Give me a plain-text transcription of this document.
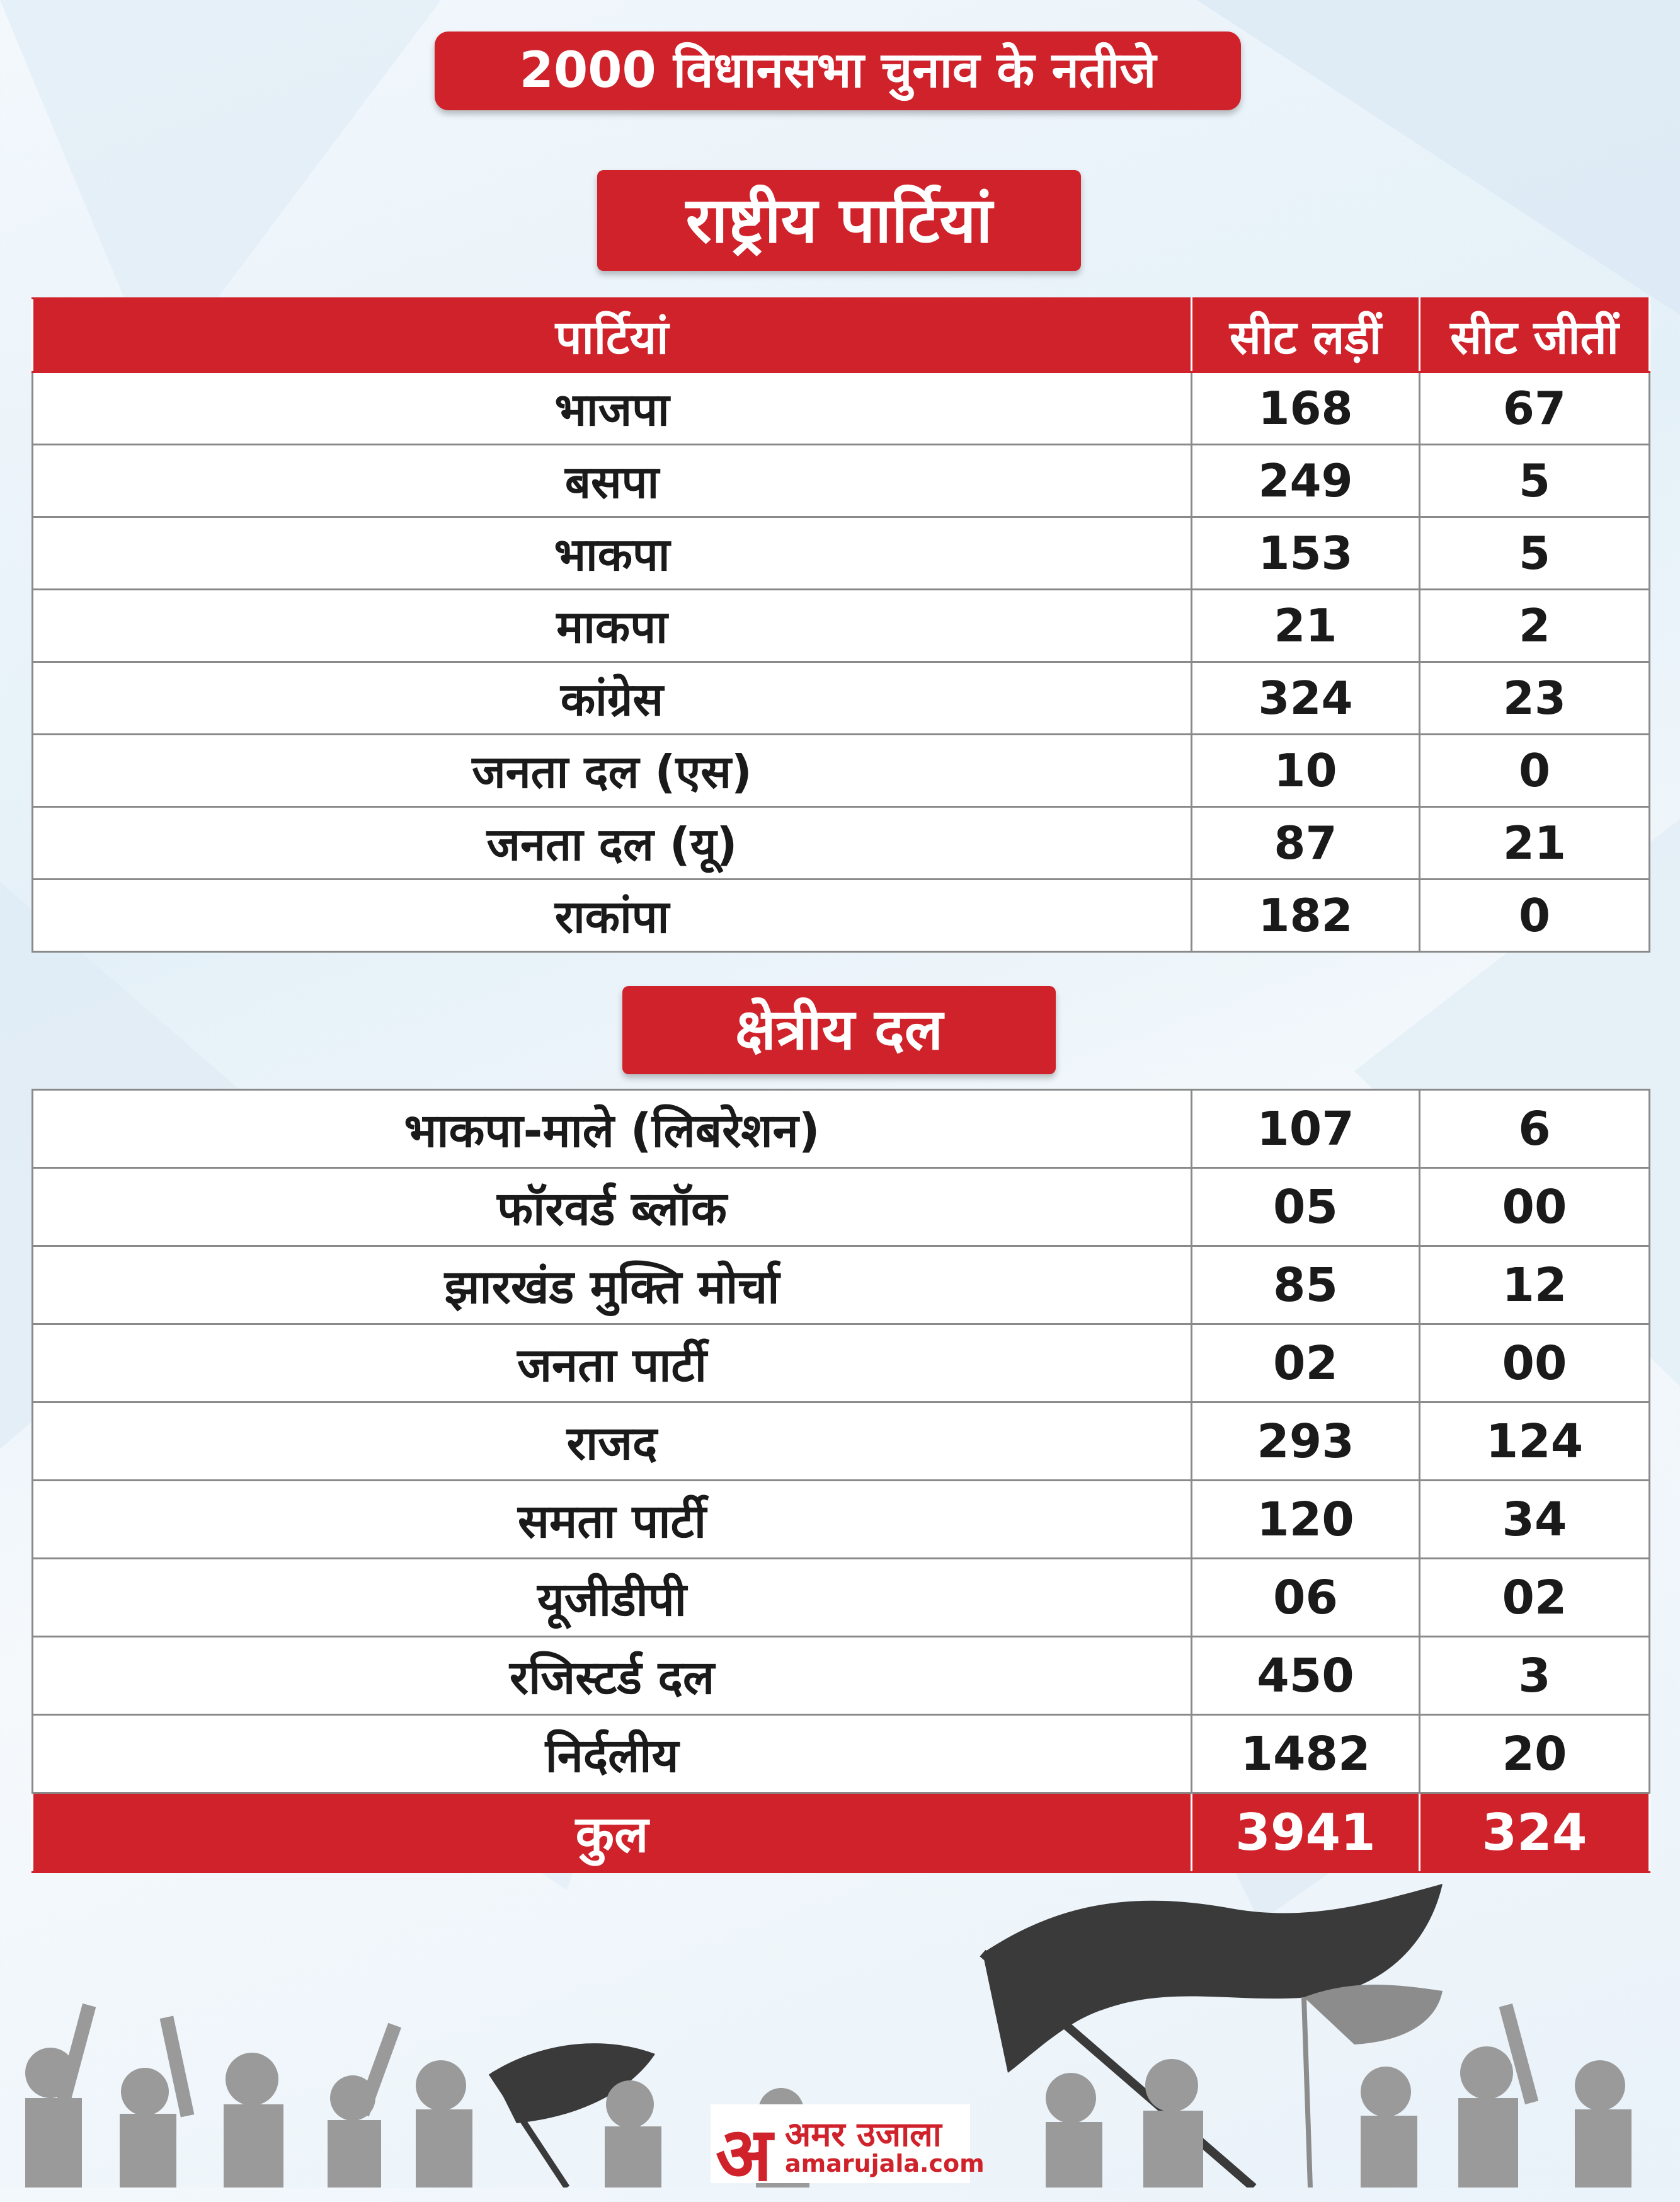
2000 विधानसभा चुनाव के नतीजे
राष्ट्रीय पार्टियां
पार्टियां	सीट लड़ीं	सीट जीतीं
भाजपा	168	67
बसपा	249	5
भाकपा	153	5
माकपा	21	2
कांग्रेस	324	23
जनता दल (एस)	10	0
जनता दल (यू)	87	21
राकांपा	182	0
क्षेत्रीय दल
भाकपा-माले (लिबरेशन)	107	6
फॉरवर्ड ब्लॉक	05	00
झारखंड मुक्ति मोर्चा	85	12
जनता पार्टी	02	00
राजद	293	124
समता पार्टी	120	34
यूजीडीपी	06	02
रजिस्टर्ड दल	450	3
निर्दलीय	1482	20
कुल	3941	324
अ अमर उजाला
amarujala.com
